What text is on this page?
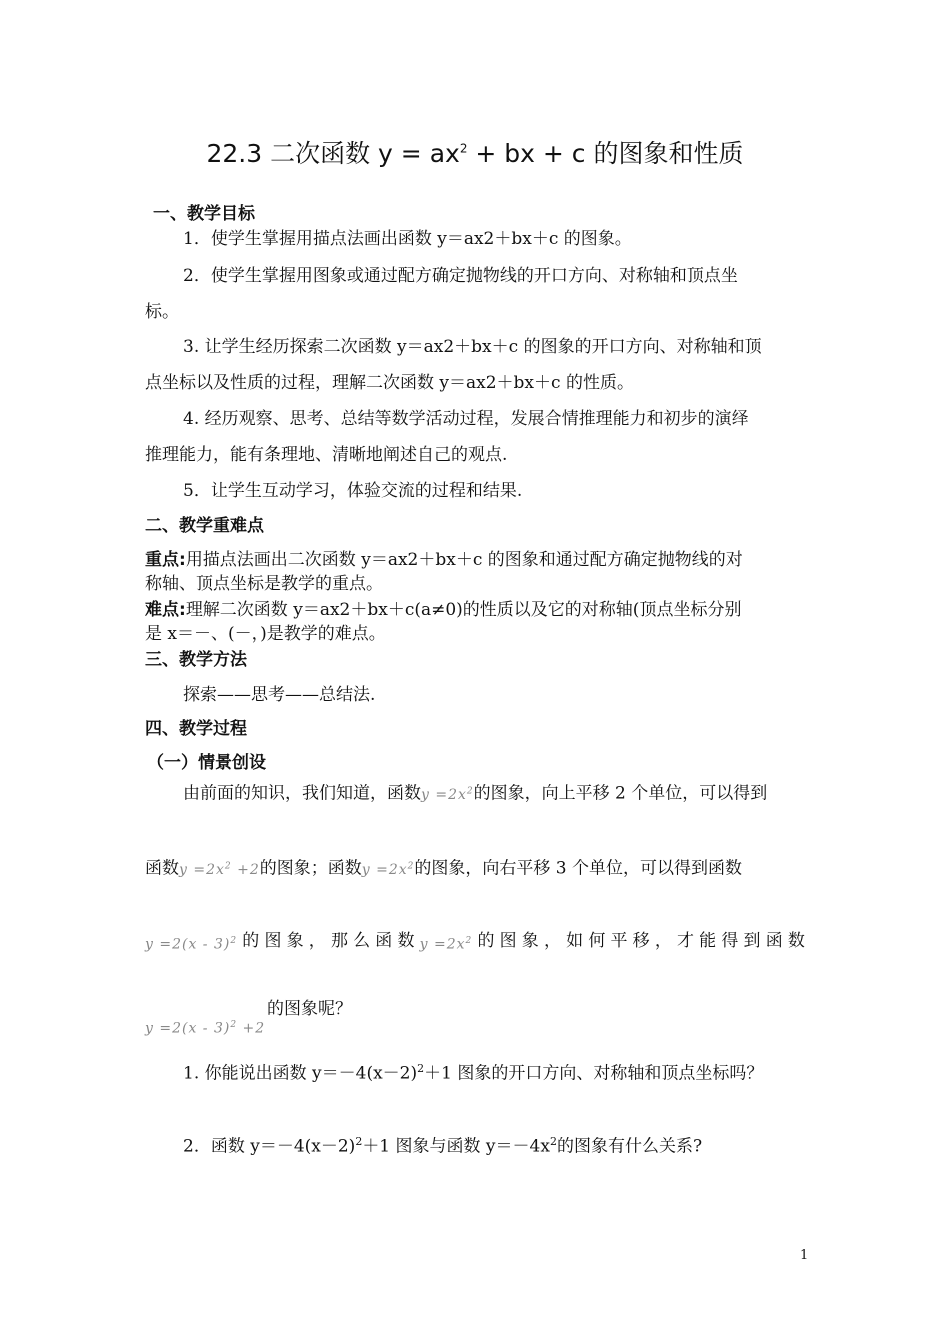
22.3 二次函数 $y = ax^2$ + bx + c 的图象和性质
一、教学目标
1．使学生掌握用描点法画出函数 y＝ax2＋bx＋c 的图象。
2．使学生掌握用图象或通过配方确定抛物线的开口方向、对称轴和顶点坐
标。
3. 让学生经历探索二次函数 y＝ax2＋bx＋c 的图象的开口方向、对称轴和顶
点坐标以及性质的过程，理解二次函数 y＝ax2＋bx＋c 的性质。
4. 经历观察、思考、总结等数学活动过程，发展合情推理能力和初步的演绎
推理能力，能有条理地、清晰地阐述自己的观点.
5．让学生互动学习，体验交流的过程和结果.
二、教学重难点
重点:用描点法画出二次函数 y＝ax2＋bx＋c 的图象和通过配方确定抛物线的对
称轴、顶点坐标是教学的重点。
难点:理解二次函数 y＝ax2＋bx＋c(a≠0)的性质以及它的对称轴(顶点坐标分别
是 x＝－、(－，)是教学的难点。
三、教学方法
探索——思考——总结法.
四、教学过程
（一）情景创设
由前面的知识，我们知道，函数$y =2x^2$的图象，向上平移 2 个单位，可以得到
函数$y =2x^2 +2$的图象；函数$y =2x^2$的图象，向右平移 3 个单位，可以得到函数
y =2(x - 3)$^2$ 的 图 象 ， 那 么 函 数 $y =2x^2$ 的 图 象 ， 如 何 平 移 ， 才 能 得 到 函 数
的图象呢？
y =2(x - 3)$^2$ +2
1. 你能说出函数 $y=-4(x-2)^2+1$ 图象的开口方向、对称轴和顶点坐标吗？
2．函数 $y=-4(x-2)^2+1$ 图象与函数 $y=-4x^2$的图象有什么关系?
1
